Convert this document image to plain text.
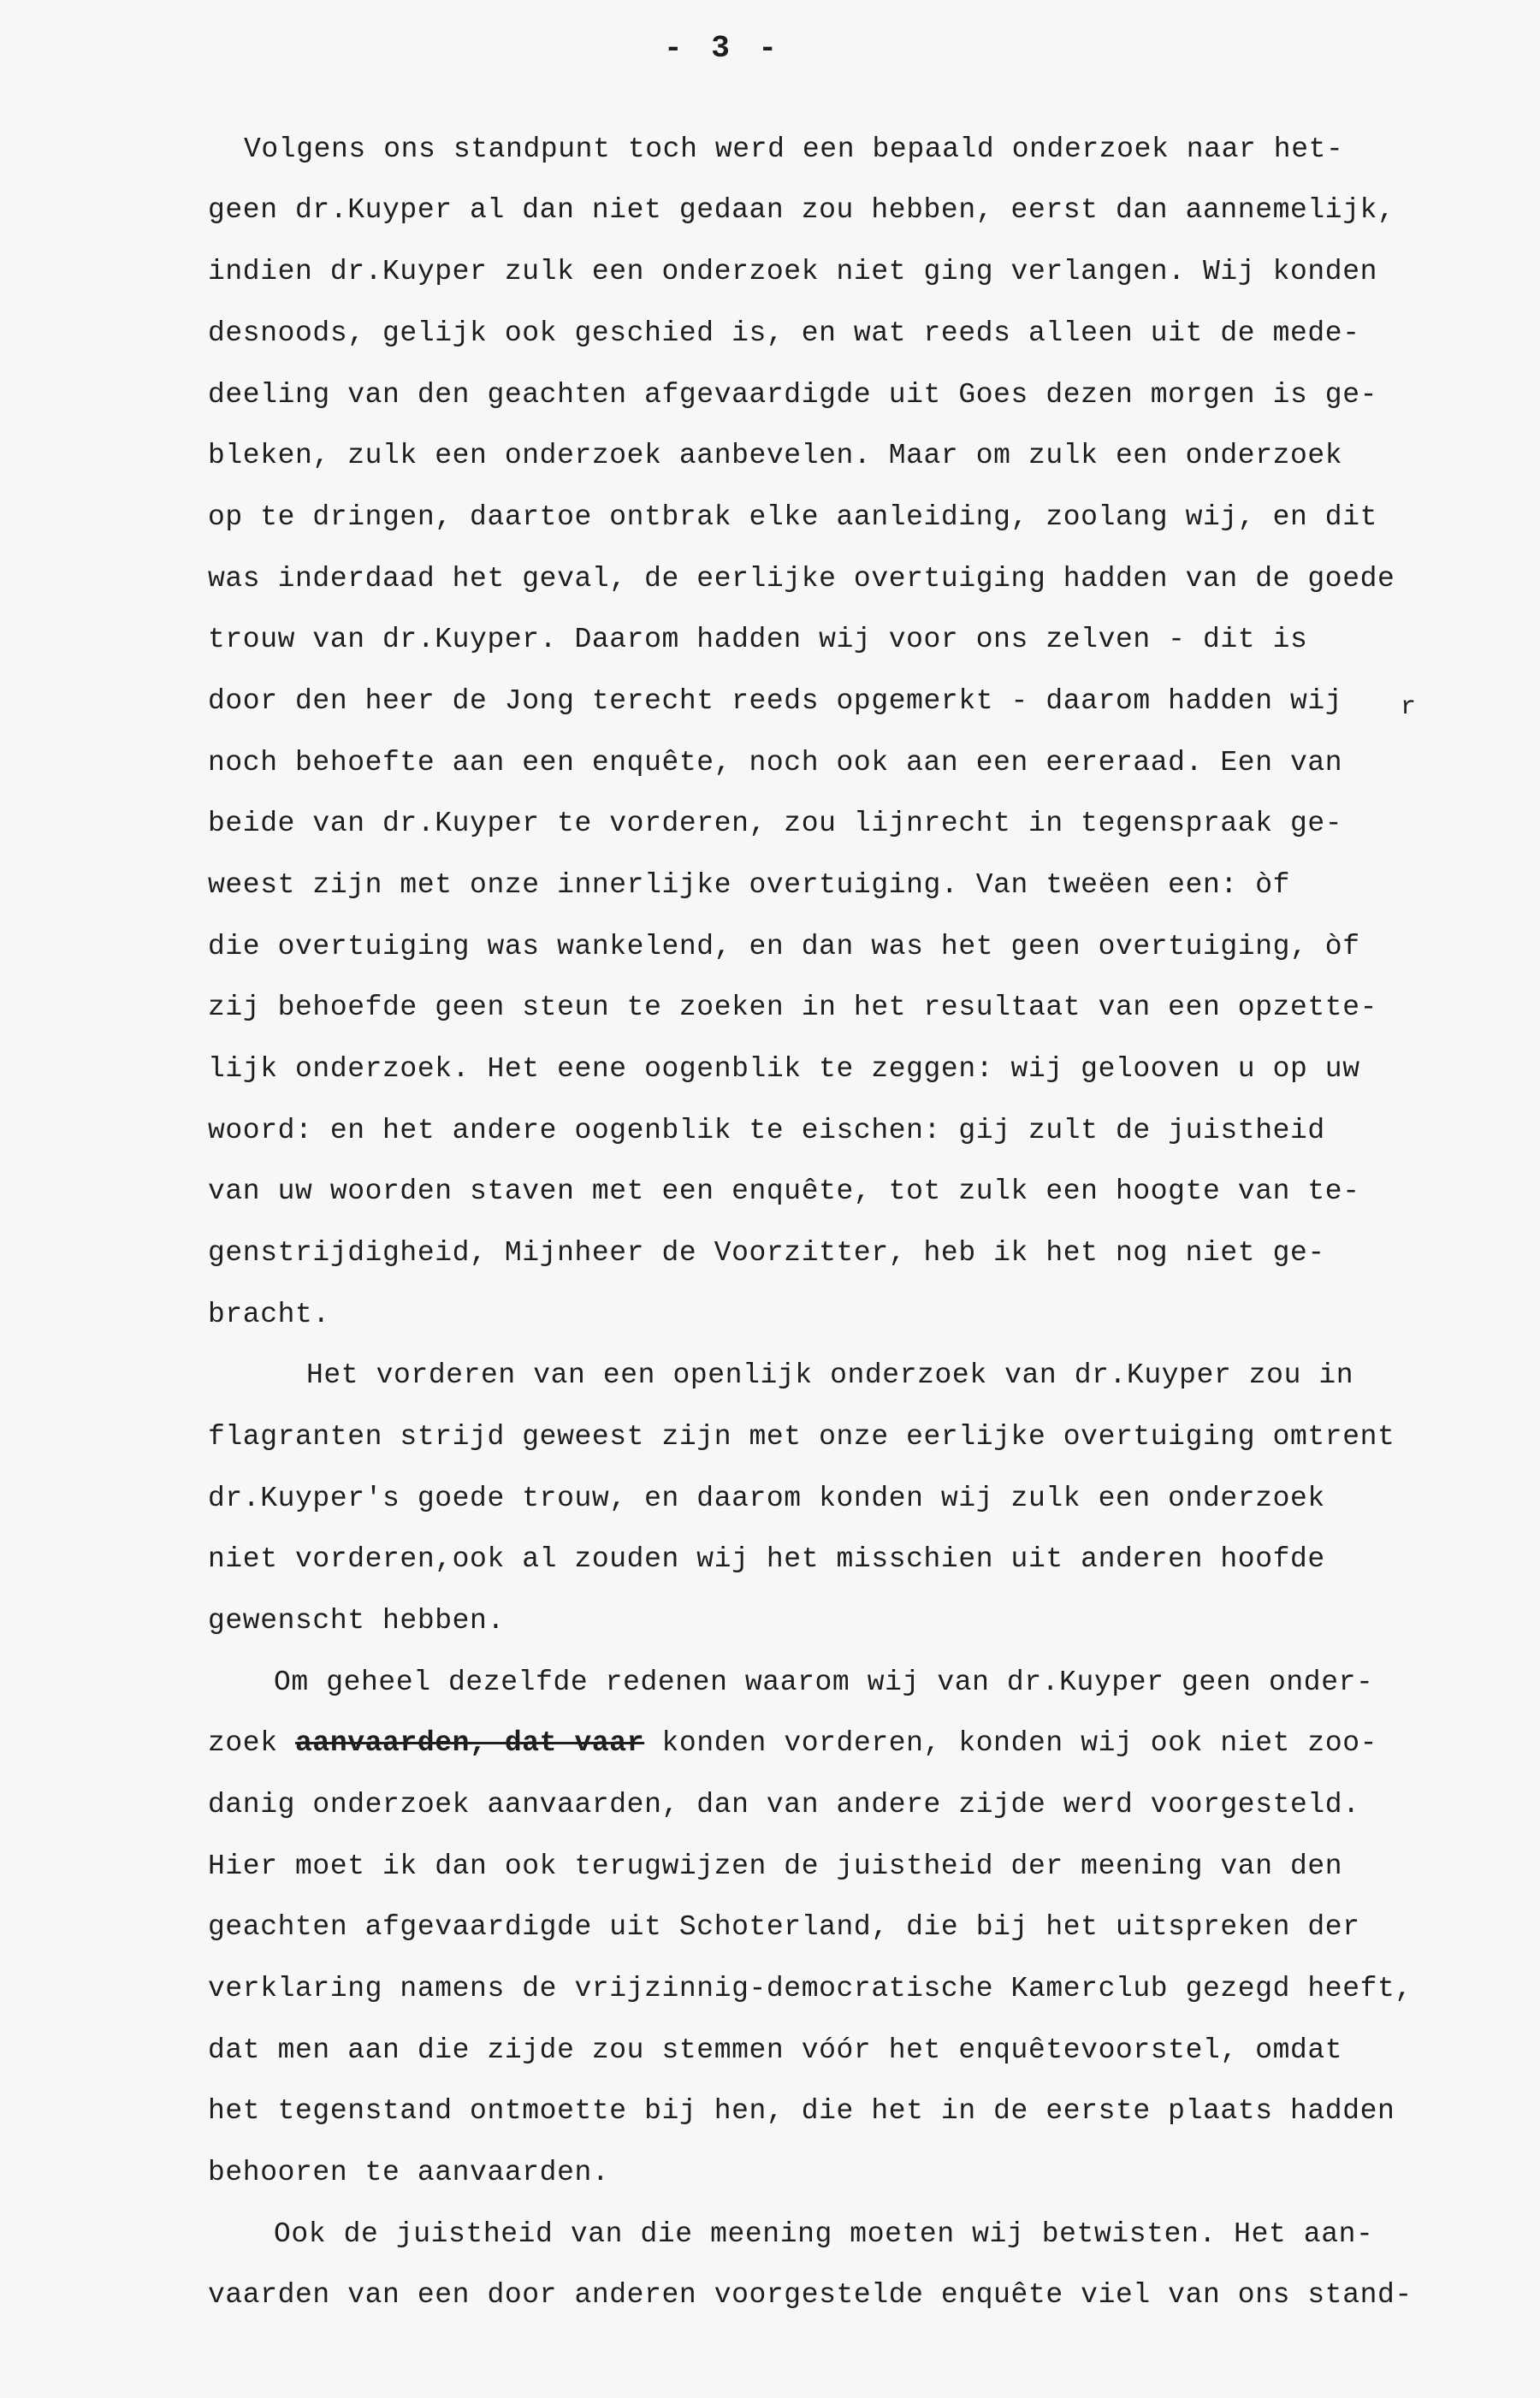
- 3 -
Volgens ons standpunt toch werd een bepaald onderzoek naar het-
geen dr.Kuyper al dan niet gedaan zou hebben, eerst dan aannemelijk,
indien dr.Kuyper zulk een onderzoek niet ging verlangen. Wij konden
desnoods, gelijk ook geschied is, en wat reeds alleen uit de mede-
deeling van den geachten afgevaardigde uit Goes dezen morgen is ge-
bleken, zulk een onderzoek aanbevelen. Maar om zulk een onderzoek
op te dringen, daartoe ontbrak elke aanleiding, zoolang wij, en dit
was inderdaad het geval, de eerlijke overtuiging hadden van de goede
trouw van dr.Kuyper. Daarom hadden wij voor ons zelven - dit is
door den heer de Jong terecht reeds opgemerkt - daarom hadden wij r
noch behoefte aan een enquête, noch ook aan een eereraad. Een van
beide van dr.Kuyper te vorderen, zou lijnrecht in tegenspraak ge-
weest zijn met onze innerlijke overtuiging. Van tweëen een: òf
die overtuiging was wankelend, en dan was het geen overtuiging, òf
zij behoefde geen steun te zoeken in het resultaat van een opzette-
lijk onderzoek. Het eene oogenblik te zeggen: wij gelooven u op uw
woord: en het andere oogenblik te eischen: gij zult de juistheid
van uw woorden staven met een enquête, tot zulk een hoogte van te-
genstrijdigheid, Mijnheer de Voorzitter, heb ik het nog niet ge-
bracht.
Het vorderen van een openlijk onderzoek van dr.Kuyper zou in
flagranten strijd geweest zijn met onze eerlijke overtuiging omtrent
dr.Kuyper's goede trouw, en daarom konden wij zulk een onderzoek
niet vorderen,ook al zouden wij het misschien uit anderen hoofde
gewenscht hebben.
Om geheel dezelfde redenen waarom wij van dr.Kuyper geen onder-
zoek aanvaarden, dat vaar konden vorderen, konden wij ook niet zoo-
danig onderzoek aanvaarden, dan van andere zijde werd voorgesteld.
Hier moet ik dan ook terugwijzen de juistheid der meening van den
geachten afgevaardigde uit Schoterland, die bij het uitspreken der
verklaring namens de vrijzinnig-democratische Kamerclub gezegd heeft,
dat men aan die zijde zou stemmen vóór het enquêtevoorstel, omdat
het tegenstand ontmoette bij hen, die het in de eerste plaats hadden
behooren te aanvaarden.
Ook de juistheid van die meening moeten wij betwisten. Het aan-
vaarden van een door anderen voorgestelde enquête viel van ons stand-
